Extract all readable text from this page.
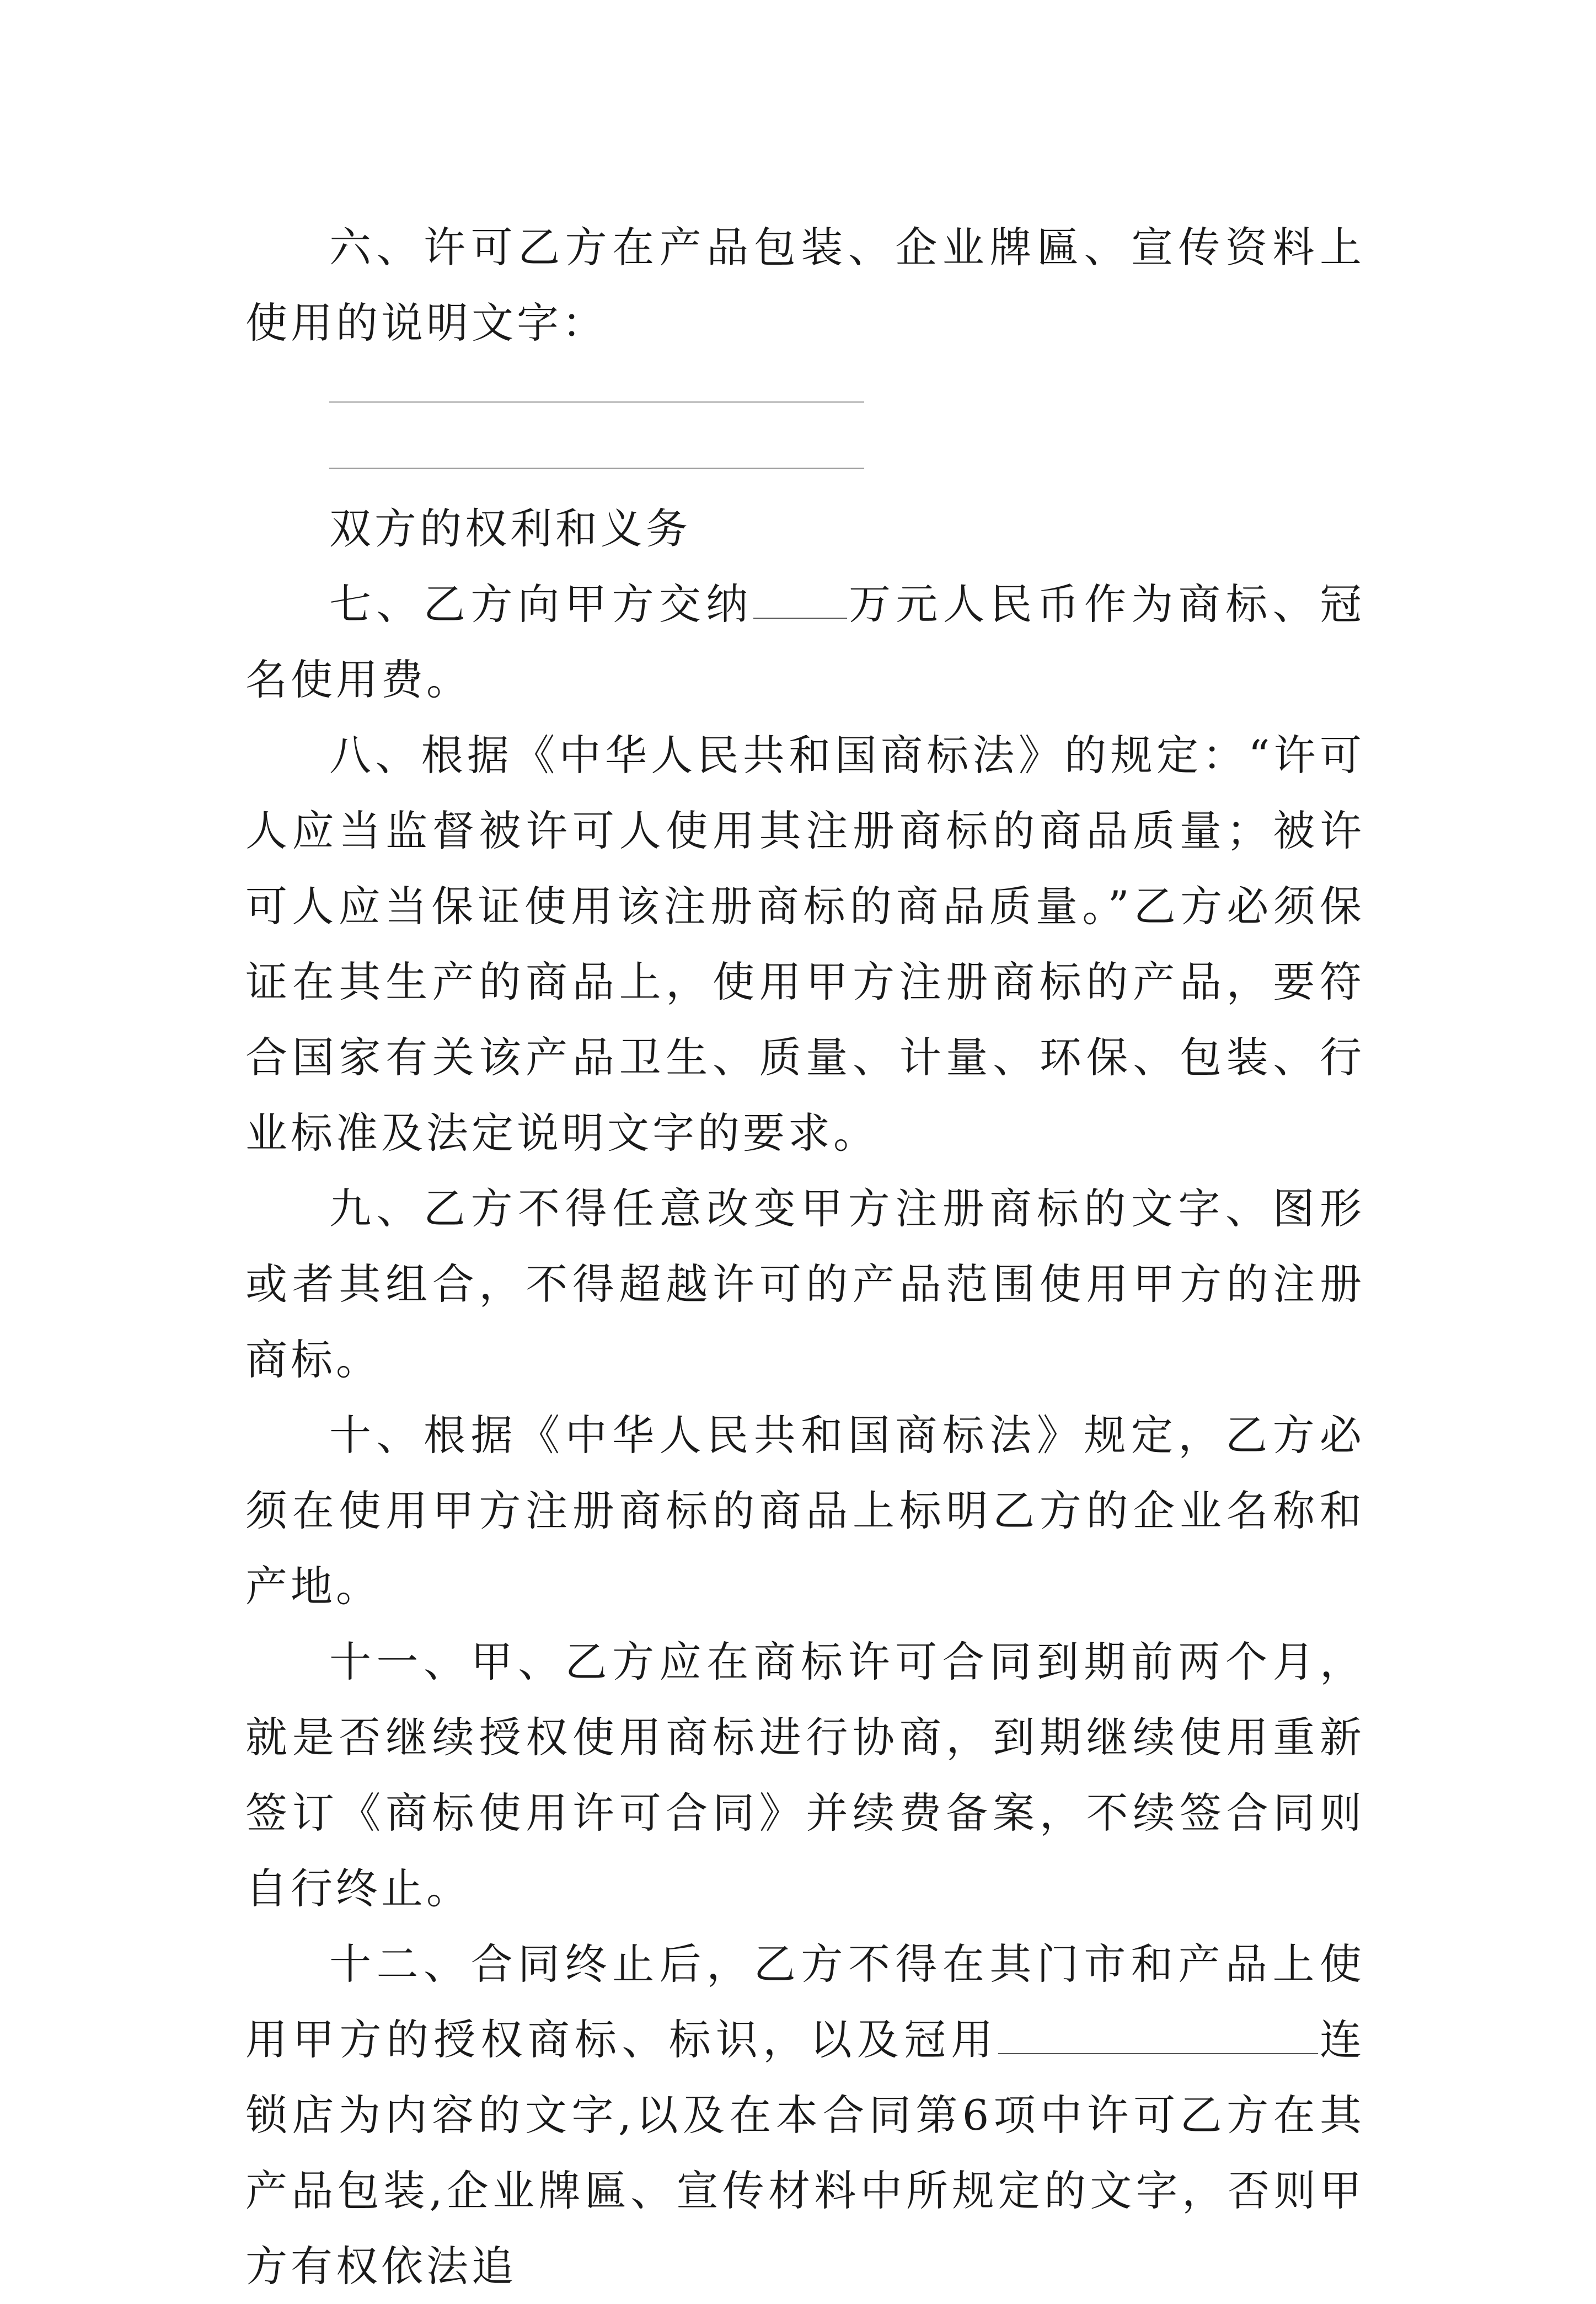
六、许可乙方在产品包装、企业牌匾、宣传资料上使用的说明文字：

双方的权利和义务

七、乙方向甲方交纳 万元人民币作为商标、冠名使用费。

八、根据《中华人民共和国商标法》的规定：“许可人应当监督被许可人使用其注册商标的商品质量；被许可人应当保证使用该注册商标的商品质量。”乙方必须保证在其生产的商品上，使用甲方注册商标的产品，要符合国家有关该产品卫生、质量、计量、环保、包装、行业标准及法定说明文字的要求。

九、乙方不得任意改变甲方注册商标的文字、图形或者其组合，不得超越许可的产品范围使用甲方的注册商标。

十、根据《中华人民共和国商标法》规定，乙方必须在使用甲方注册商标的商品上标明乙方的企业名称和产地。

十一、甲、乙方应在商标许可合同到期前两个月，就是否继续授权使用商标进行协商，到期继续使用重新签订《商标使用许可合同》并续费备案，不续签合同则自行终止。

十二、合同终止后，乙方不得在其门市和产品上使用甲方的授权商标、标识，以及冠用	连锁店为内容的文字,以及在本合同第6项中许可乙方在其产品包装,企业牌匾、宣传材料中所规定的文字，否则甲方有权依法追
